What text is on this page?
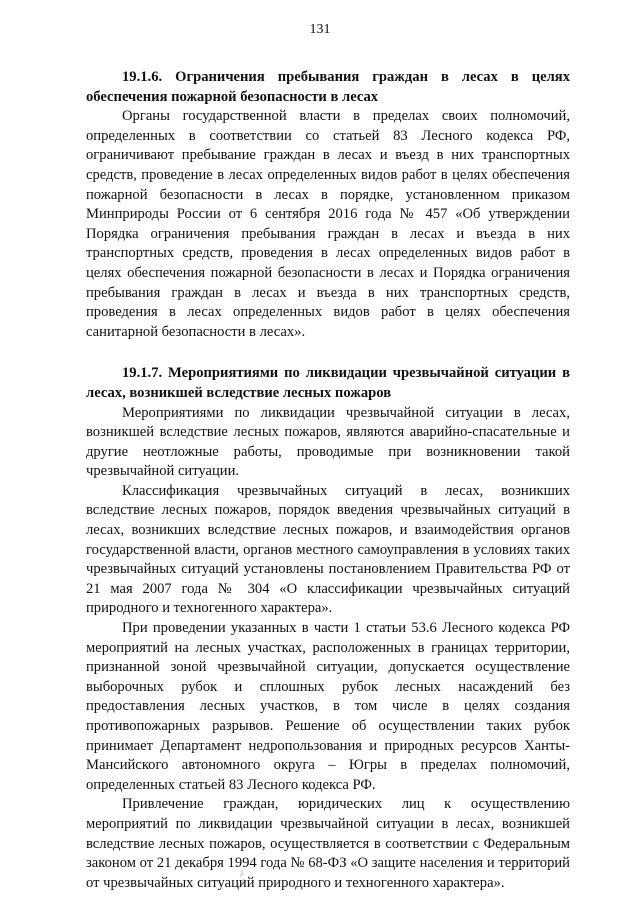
131

19.1.6. Ограничения пребывания граждан в лесах в целях обеспечения пожарной безопасности в лесах

Органы государственной власти в пределах своих полномочий, определенных в соответствии со статьей 83 Лесного кодекса РФ, ограничивают пребывание граждан в лесах и въезд в них транспортных средств, проведение в лесах определенных видов работ в целях обеспечения пожарной безопасности в лесах в порядке, установленном приказом Минприроды России от 6 сентября 2016 года № 457 «Об утверждении Порядка ограничения пребывания граждан в лесах и въезда в них транспортных средств, проведения в лесах определенных видов работ в целях обеспечения пожарной безопасности в лесах и Порядка ограничения пребывания граждан в лесах и въезда в них транспортных средств, проведения в лесах определенных видов работ в целях обеспечения санитарной безопасности в лесах».

19.1.7. Мероприятиями по ликвидации чрезвычайной ситуации в лесах, возникшей вследствие лесных пожаров

Мероприятиями по ликвидации чрезвычайной ситуации в лесах, возникшей вследствие лесных пожаров, являются аварийно-спасательные и другие неотложные работы, проводимые при возникновении такой чрезвычайной ситуации.

Классификация чрезвычайных ситуаций в лесах, возникших вследствие лесных пожаров, порядок введения чрезвычайных ситуаций в лесах, возникших вследствие лесных пожаров, и взаимодействия органов государственной власти, органов местного самоуправления в условиях таких чрезвычайных ситуаций установлены постановлением Правительства РФ от 21 мая 2007 года № 304 «О классификации чрезвычайных ситуаций природного и техногенного характера».

При проведении указанных в части 1 статьи 53.6 Лесного кодекса РФ мероприятий на лесных участках, расположенных в границах территории, признанной зоной чрезвычайной ситуации, допускается осуществление выборочных рубок и сплошных рубок лесных насаждений без предоставления лесных участков, в том числе в целях создания противопожарных разрывов. Решение об осуществлении таких рубок принимает Департамент недропользования и природных ресурсов Ханты-Мансийского автономного округа – Югры в пределах полномочий, определенных статьей 83 Лесного кодекса РФ.

Привлечение граждан, юридических лиц к осуществлению мероприятий по ликвидации чрезвычайной ситуации в лесах, возникшей вследствие лесных пожаров, осуществляется в соответствии с Федеральным законом от 21 декабря 1994 года № 68-ФЗ «О защите населения и территорий от чрезвычайных ситуаций природного и техногенного характера».
